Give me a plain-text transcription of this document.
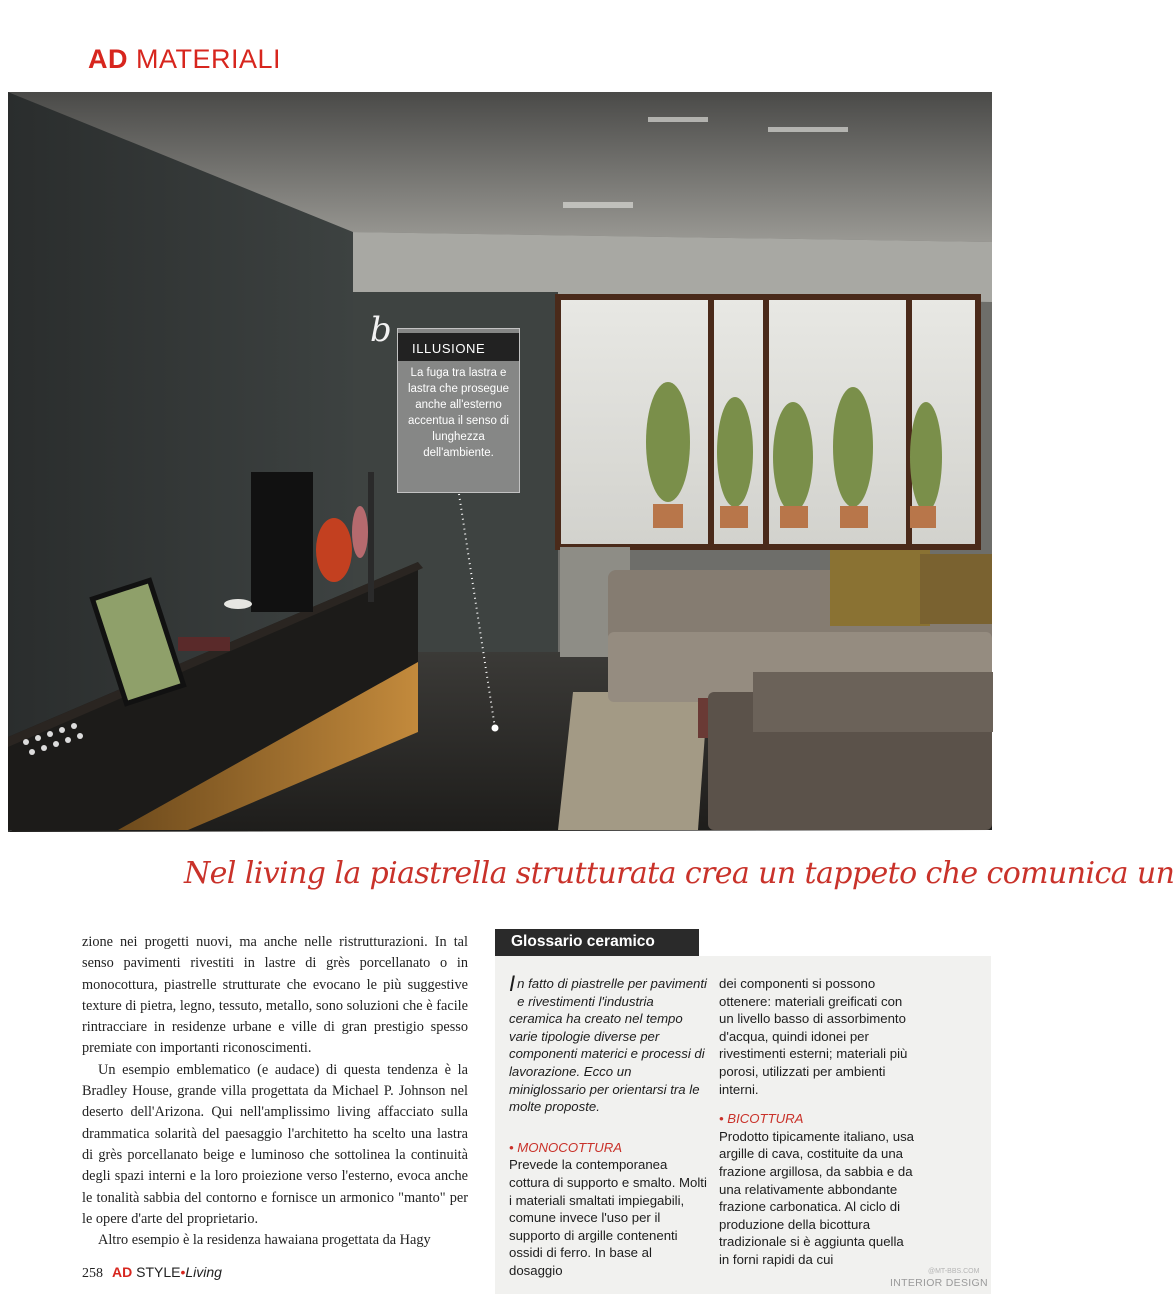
AD MATERIALI
b	ILLUSIONE
La fuga tra lastra e lastra che prosegue anche all'esterno accentua il senso di lunghezza dell'ambiente.
Nel living la piastrella strutturata crea un tappeto che comunica un

zione nei progetti nuovi, ma anche nelle ristrutturazioni. In tal senso pavimenti rivestiti in lastre di grès porcellanato o in monocottura, piastrelle strutturate che evocano le più suggestive texture di pietra, legno, tessuto, metallo, sono soluzioni che è facile rintracciare in residenze urbane e ville di gran prestigio spesso premiate con importanti riconoscimenti.

Un esempio emblematico (e audace) di questa tendenza è la Bradley House, grande villa progettata da Michael P. Johnson nel deserto dell'Arizona. Qui nell'amplissimo living affacciato sulla drammatica solarità del paesaggio l'architetto ha scelto una lastra di grès porcellanato beige e luminoso che sottolinea la continuità degli spazi interni e la loro proiezione verso l'esterno, evoca anche le tonalità sabbia del contorno e fornisce un armonico "manto" per le opere d'arte del proprietario.

Altro esempio è la residenza hawaiana progettata da Hagy

Glossario ceramico
In fatto di piastrelle per pavimenti e rivestimenti l'industria ceramica ha creato nel tempo varie tipologie diverse per componenti materici e processi di lavorazione. Ecco un miniglossario per orientarsi tra le molte proposte.
• MONOCOTTURA
Prevede la contemporanea cottura di supporto e smalto. Molti i materiali smaltati impiegabili, comune invece l'uso per il supporto di argille contenenti ossidi di ferro. In base al dosaggio
dei componenti si possono ottenere: materiali greificati con un livello basso di assorbimento d'acqua, quindi idonei per rivestimenti esterni; materiali più porosi, utilizzati per ambienti interni.
• BICOTTURA
Prodotto tipicamente italiano, usa argille di cava, costituite da una frazione argillosa, da sabbia e da una relativamente abbondante frazione carbonatica. Al ciclo di produzione della bicottura tradizionale si è aggiunta quella in forni rapidi da cui
258 AD STYLE•Living	@MT-BBS.COM
INTERIOR DESIGN
